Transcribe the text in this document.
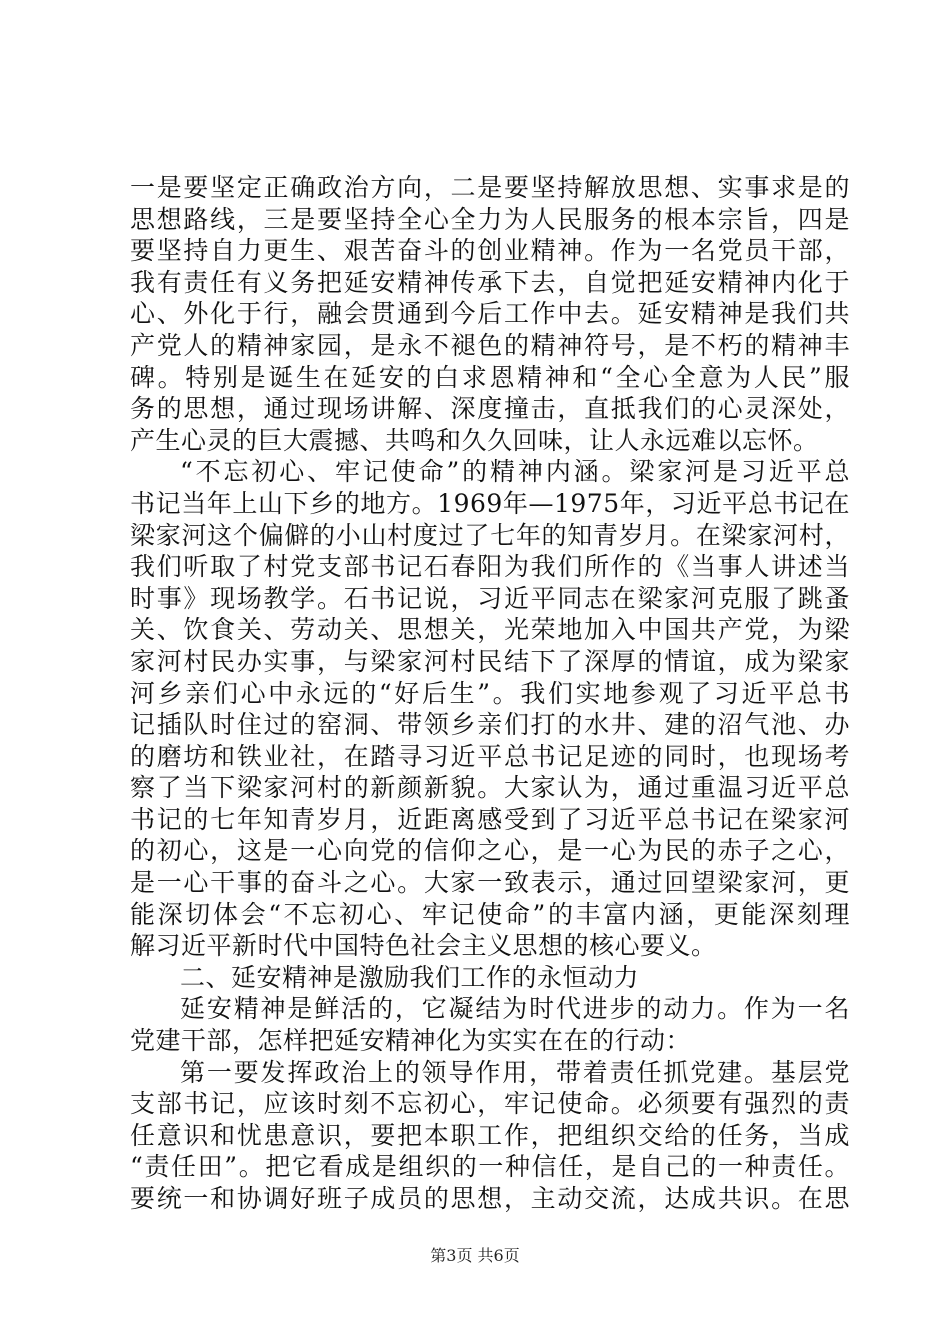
一是要坚定正确政治方向，二是要坚持解放思想、实事求是的
思想路线，三是要坚持全心全力为人民服务的根本宗旨，四是
要坚持自力更生、艰苦奋斗的创业精神。作为一名党员干部，
我有责任有义务把延安精神传承下去，自觉把延安精神内化于
心、外化于行，融会贯通到今后工作中去。延安精神是我们共
产党人的精神家园，是永不褪色的精神符号，是不朽的精神丰
碑。特别是诞生在延安的白求恩精神和“全心全意为人民”服
务的思想，通过现场讲解、深度撞击，直抵我们的心灵深处，
产生心灵的巨大震撼、共鸣和久久回味，让人永远难以忘怀。
“不忘初心、牢记使命”的精神内涵。梁家河是习近平总
书记当年上山下乡的地方。1969年—1975年，习近平总书记在
梁家河这个偏僻的小山村度过了七年的知青岁月。在梁家河村，
我们听取了村党支部书记石春阳为我们所作的《当事人讲述当
时事》现场教学。石书记说，习近平同志在梁家河克服了跳蚤
关、饮食关、劳动关、思想关，光荣地加入中国共产党，为梁
家河村民办实事，与梁家河村民结下了深厚的情谊，成为梁家
河乡亲们心中永远的“好后生”。我们实地参观了习近平总书
记插队时住过的窑洞、带领乡亲们打的水井、建的沼气池、办
的磨坊和铁业社，在踏寻习近平总书记足迹的同时，也现场考
察了当下梁家河村的新颜新貌。大家认为，通过重温习近平总
书记的七年知青岁月，近距离感受到了习近平总书记在梁家河
的初心，这是一心向党的信仰之心，是一心为民的赤子之心，
是一心干事的奋斗之心。大家一致表示，通过回望梁家河，更
能深切体会“不忘初心、牢记使命”的丰富内涵，更能深刻理
解习近平新时代中国特色社会主义思想的核心要义。
二、延安精神是激励我们工作的永恒动力
延安精神是鲜活的，它凝结为时代进步的动力。作为一名
党建干部，怎样把延安精神化为实实在在的行动：
第一要发挥政治上的领导作用，带着责任抓党建。基层党
支部书记，应该时刻不忘初心，牢记使命。必须要有强烈的责
任意识和忧患意识，要把本职工作，把组织交给的任务，当成
“责任田”。把它看成是组织的一种信任，是自己的一种责任。
要统一和协调好班子成员的思想，主动交流，达成共识。在思
第3页 共6页
